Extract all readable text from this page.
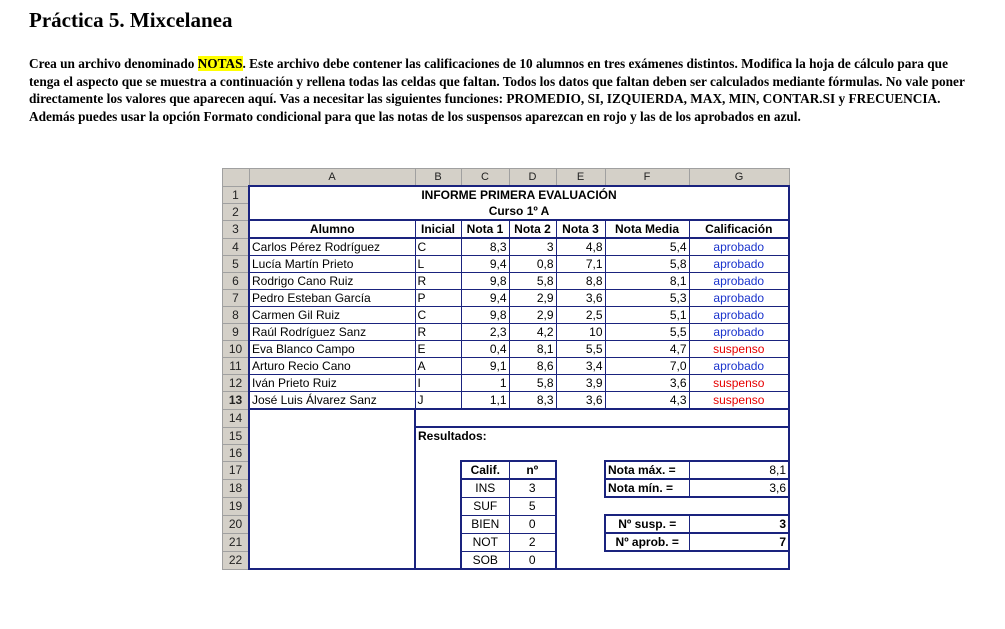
Práctica 5. Mixcelanea

Crea un archivo denominado NOTAS. Este archivo debe contener las calificaciones de 10 alumnos en tres exámenes distintos. Modifica la hoja de cálculo para que tenga el aspecto que se muestra a continuación y rellena todas las celdas que faltan. Todos los datos que faltan deben ser calculados mediante fórmulas. No vale poner directamente los valores que aparecen aquí. Vas a necesitar las siguientes funciones: PROMEDIO, SI, IZQUIERDA, MAX, MIN, CONTAR.SI y FRECUENCIA. Además puedes usar la opción Formato condicional para que las notas de los suspensos aparezcan en rojo y las de los aprobados en azul.

	A	B	C	D	E	F	G
1	INFORME PRIMERA EVALUACIÓN						
2	Curso 1º A						
3	Alumno	Inicial	Nota 1	Nota 2	Nota 3	Nota Media	Calificación
4	Carlos Pérez Rodríguez	C	8,3	3	4,8	5,4	aprobado
5	Lucía Martín Prieto	L	9,4	0,8	7,1	5,8	aprobado
6	Rodrigo Cano Ruiz	R	9,8	5,8	8,8	8,1	aprobado
7	Pedro Esteban García	P	9,4	2,9	3,6	5,3	aprobado
8	Carmen Gil Ruiz	C	9,8	2,9	2,5	5,1	aprobado
9	Raúl Rodríguez Sanz	R	2,3	4,2	10	5,5	aprobado
10	Eva Blanco Campo	E	0,4	8,1	5,5	4,7	suspenso
11	Arturo Recio Cano	A	9,1	8,6	3,4	7,0	aprobado
12	Iván Prieto Ruiz	I	1	5,8	3,9	3,6	suspenso
13	José Luis Álvarez Sanz	J	1,1	8,3	3,6	4,3	suspenso
14							
15		Resultados:					
16							
17			Calif.	nº		Nota máx. =	8,1
18			INS	3		Nota mín. =	3,6
19			SUF	5			
20			BIEN	0		Nº susp. =	3
21			NOT	2		Nº aprob. =	7
22			SOB	0			
